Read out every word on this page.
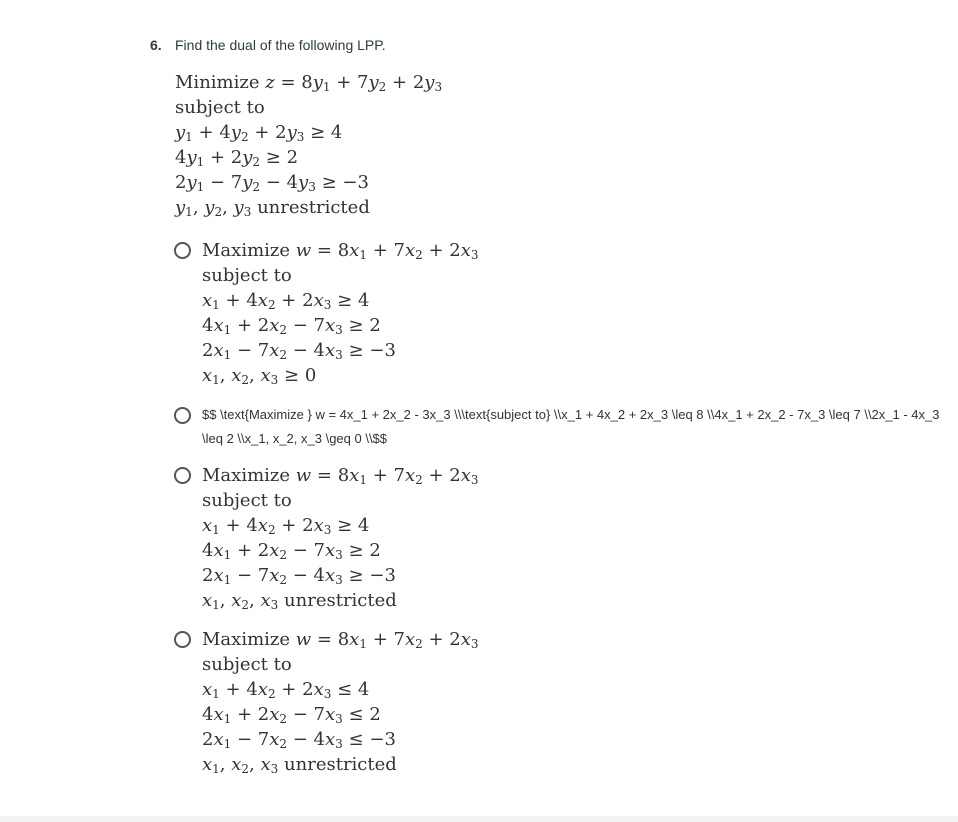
6. Find the dual of the following LPP.
Minimize $z = 8y_1 + 7y_2 + 2y_3$
subject to
$y_1 + 4y_2 + 2y_3 \ge 4$
$4y_1 + 2y_2 \ge 2$
$2y_1 - 7y_2 - 4y_3 \ge -3$
$y_1$, $y_2$, $y_3$ unrestricted
Maximize $w = 8x_1 + 7x_2 + 2x_3$
subject to
$x_1 + 4x_2 + 2x_3 \ge 4$
$4x_1 + 2x_2 - 7x_3 \ge 2$
$2x_1 - 7x_2 - 4x_3 \ge -3$
$x_1$, $x_2$, $x_3 \ge 0$
$$ \text{Maximize } w = 4x_1 + 2x_2 - 3x_3 \\\text{subject to} \\x_1 + 4x_2 + 2x_3 \leq 8 \\4x_1 + 2x_2 - 7x_3 \leq 7 \\2x_1 - 4x_3 \leq 2 \\x_1, x_2, x_3 \geq 0 \\$$
Maximize $w = 8x_1 + 7x_2 + 2x_3$
subject to
$x_1 + 4x_2 + 2x_3 \ge 4$
$4x_1 + 2x_2 - 7x_3 \ge 2$
$2x_1 - 7x_2 - 4x_3 \ge -3$
$x_1$, $x_2$, $x_3$ unrestricted
Maximize $w = 8x_1 + 7x_2 + 2x_3$
subject to
$x_1 + 4x_2 + 2x_3 \le 4$
$4x_1 + 2x_2 - 7x_3 \le 2$
$2x_1 - 7x_2 - 4x_3 \le -3$
$x_1$, $x_2$, $x_3$ unrestricted
